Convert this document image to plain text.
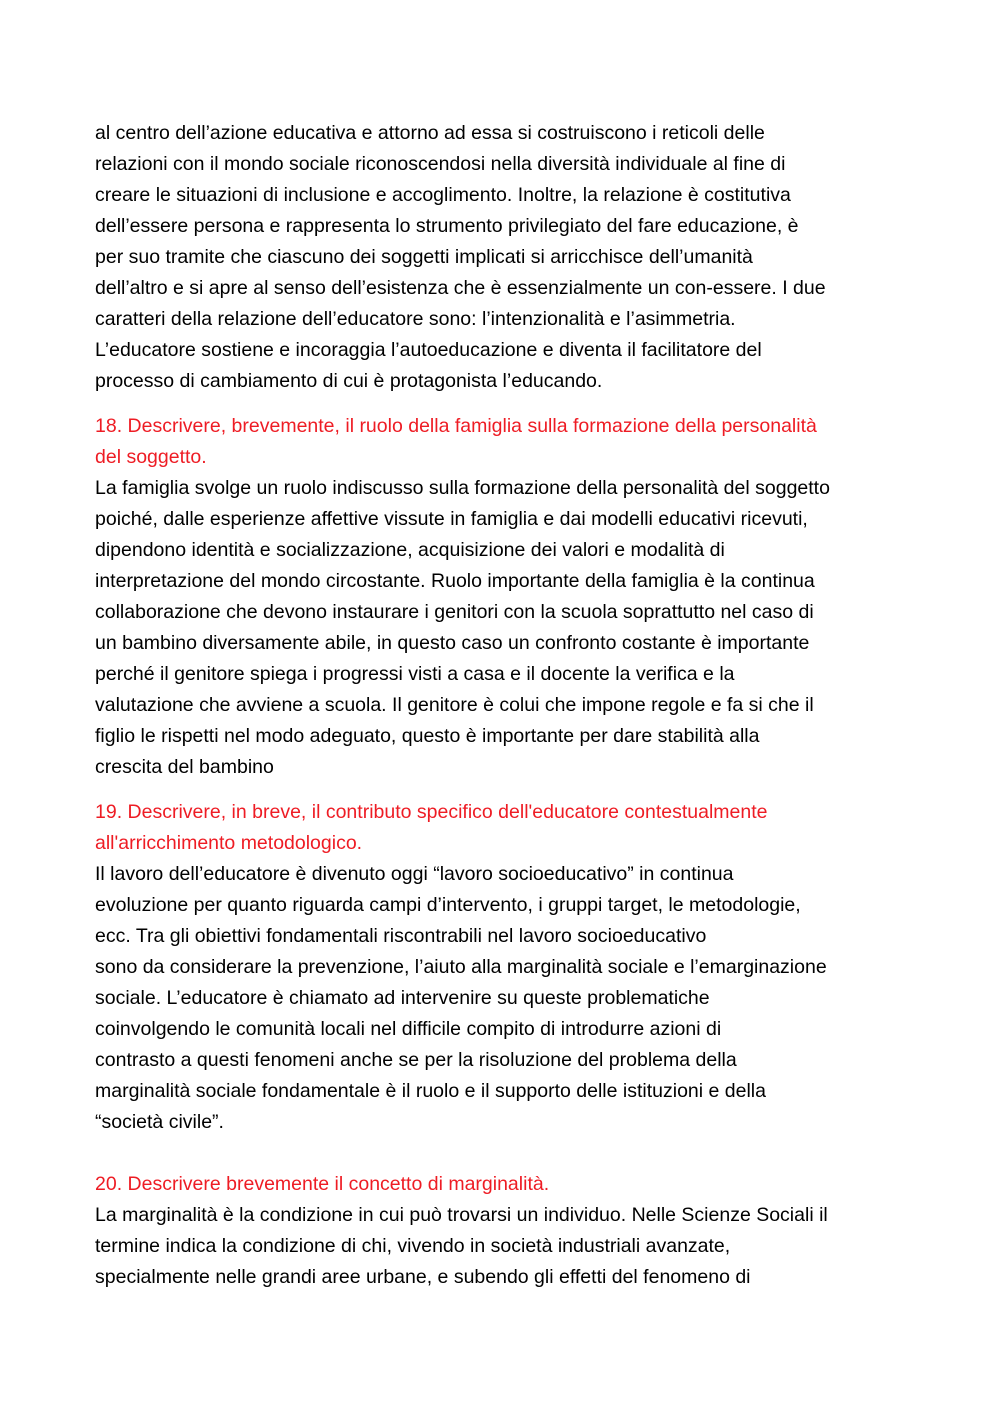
al centro dell’azione educativa e attorno ad essa si costruiscono i reticoli delle

relazioni con il mondo sociale riconoscendosi nella diversità individuale al fine di

creare le situazioni di inclusione e accoglimento. Inoltre, la relazione è costitutiva

dell’essere persona e rappresenta lo strumento privilegiato del fare educazione, è

per suo tramite che ciascuno dei soggetti implicati si arricchisce dell’umanità

dell’altro e si apre al senso dell’esistenza che è essenzialmente un con-essere. I due

caratteri della relazione dell’educatore sono: l’intenzionalità e l’asimmetria.

L’educatore sostiene e incoraggia l’autoeducazione e diventa il facilitatore del

processo di cambiamento di cui è protagonista l’educando.

18. Descrivere, brevemente, il ruolo della famiglia sulla formazione della personalità

del soggetto.

La famiglia svolge un ruolo indiscusso sulla formazione della personalità del soggetto

poiché, dalle esperienze affettive vissute in famiglia e dai modelli educativi ricevuti,

dipendono identità e socializzazione, acquisizione dei valori e modalità di

interpretazione del mondo circostante. Ruolo importante della famiglia è la continua

collaborazione che devono instaurare i genitori con la scuola soprattutto nel caso di

un bambino diversamente abile, in questo caso un confronto costante è importante

perché il genitore spiega i progressi visti a casa e il docente la verifica e la

valutazione che avviene a scuola. Il genitore è colui che impone regole e fa si che il

figlio le rispetti nel modo adeguato, questo è importante per dare stabilità alla

crescita del bambino

19. Descrivere, in breve, il contributo specifico dell'educatore contestualmente

all'arricchimento metodologico.

Il lavoro dell’educatore è divenuto oggi “lavoro socioeducativo” in continua

evoluzione per quanto riguarda campi d’intervento, i gruppi target, le metodologie,

ecc. Tra gli obiettivi fondamentali riscontrabili nel lavoro socioeducativo

sono da considerare la prevenzione, l’aiuto alla marginalità sociale e l’emarginazione

sociale. L’educatore è chiamato ad intervenire su queste problematiche

coinvolgendo le comunità locali nel difficile compito di introdurre azioni di

contrasto a questi fenomeni anche se per la risoluzione del problema della

marginalità sociale fondamentale è il ruolo e il supporto delle istituzioni e della

“società civile”.

20. Descrivere brevemente il concetto di marginalità.

La marginalità è la condizione in cui può trovarsi un individuo. Nelle Scienze Sociali il

termine indica la condizione di chi, vivendo in società industriali avanzate,

specialmente nelle grandi aree urbane, e subendo gli effetti del fenomeno di
